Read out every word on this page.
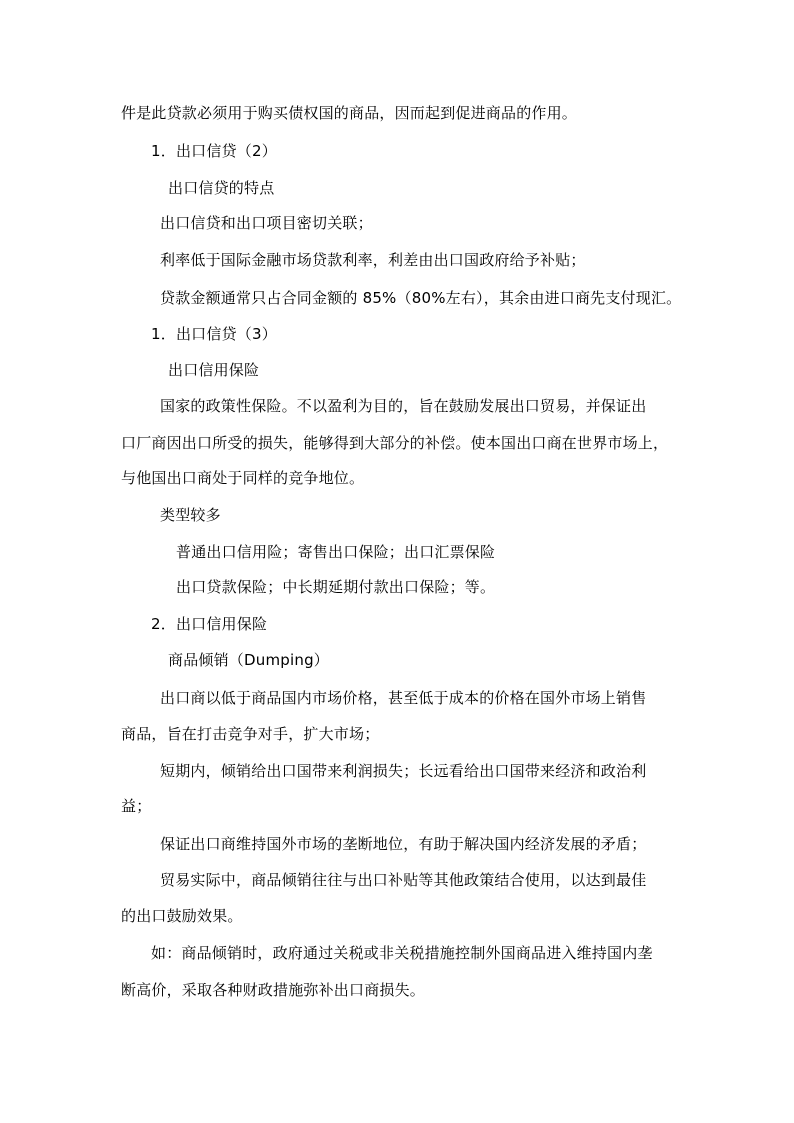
件是此贷款必须用于购买债权国的商品，因而起到促进商品的作用。
1．出口信贷（2）
出口信贷的特点
出口信贷和出口项目密切关联；
利率低于国际金融市场贷款利率，利差由出口国政府给予补贴；
贷款金额通常只占合同金额的 85%（80%左右），其余由进口商先支付现汇。
1．出口信贷（3）
出口信用保险
国家的政策性保险。不以盈利为目的，旨在鼓励发展出口贸易，并保证出
口厂商因出口所受的损失，能够得到大部分的补偿。使本国出口商在世界市场上，
与他国出口商处于同样的竞争地位。
类型较多
普通出口信用险；寄售出口保险；出口汇票保险
出口贷款保险；中长期延期付款出口保险；等。
2．出口信用保险
商品倾销（Dumping）
出口商以低于商品国内市场价格，甚至低于成本的价格在国外市场上销售
商品，旨在打击竞争对手，扩大市场；
短期内，倾销给出口国带来利润损失；长远看给出口国带来经济和政治利
益；
保证出口商维持国外市场的垄断地位，有助于解决国内经济发展的矛盾；
贸易实际中，商品倾销往往与出口补贴等其他政策结合使用，以达到最佳
的出口鼓励效果。
如：商品倾销时，政府通过关税或非关税措施控制外国商品进入维持国内垄
断高价，采取各种财政措施弥补出口商损失。
